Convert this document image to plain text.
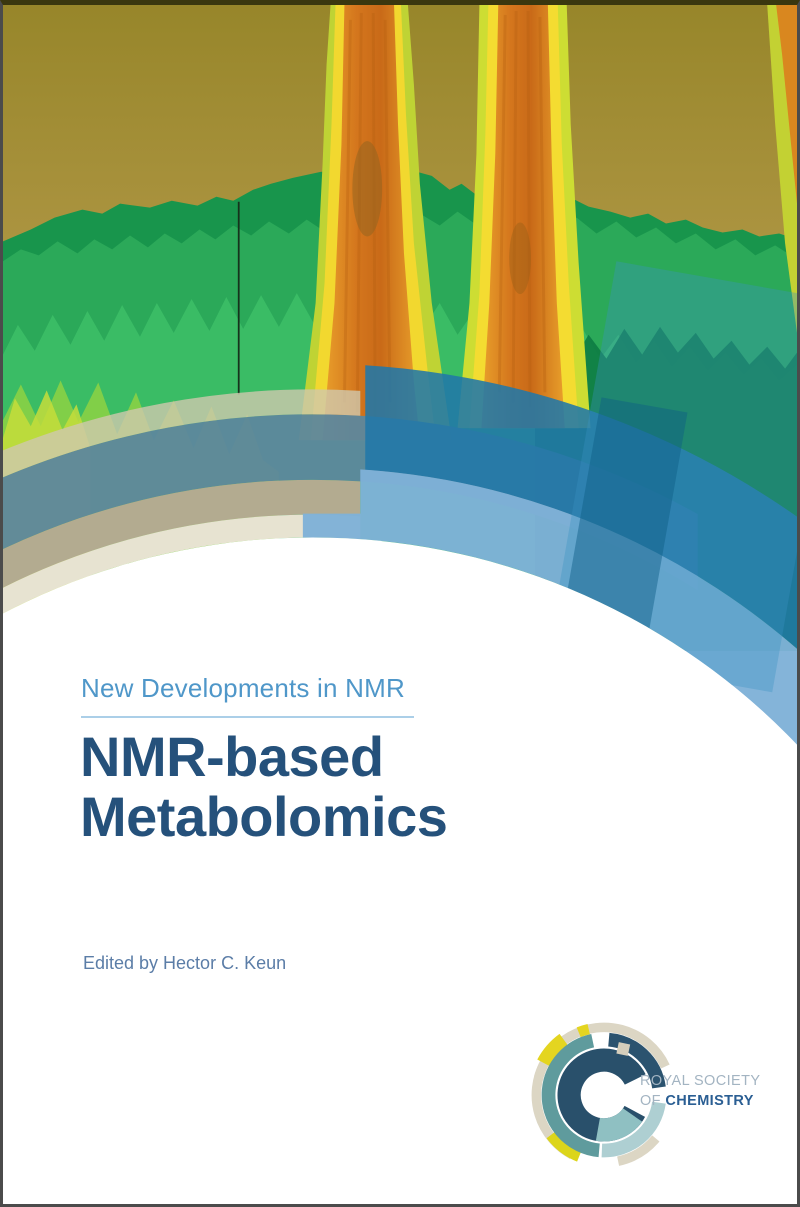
New Developments in NMR
NMR-based
Metabolomics
Edited by Hector C. Keun
ROYAL SOCIETY
OF CHEMISTRY
